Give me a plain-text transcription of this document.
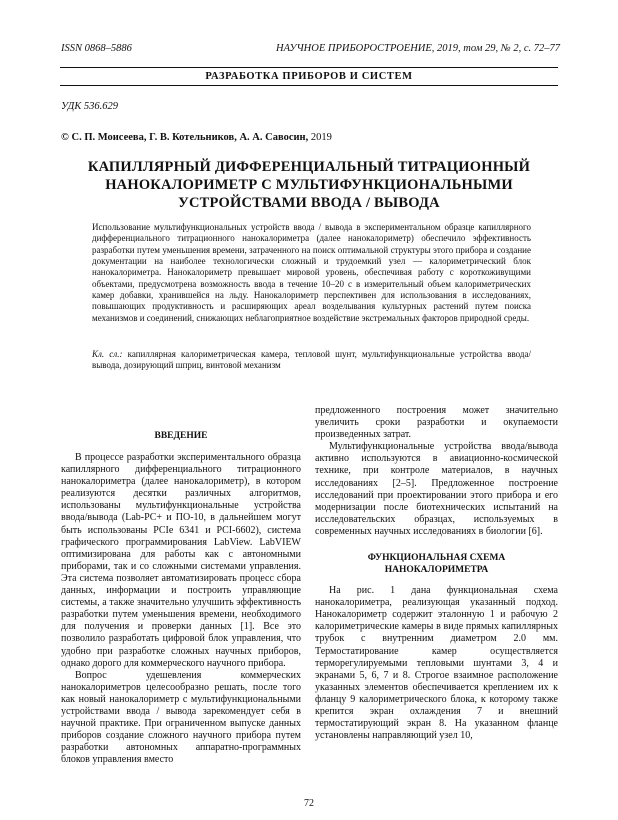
ISSN 0868–5886	НАУЧНОЕ ПРИБОРОСТРОЕНИЕ, 2019, том 29, № 2, c. 72–77
РАЗРАБОТКА ПРИБОРОВ И СИСТЕМ
УДК 536.629
© С. П. Моисеева, Г. В. Котельников, А. А. Савосин, 2019
КАПИЛЛЯРНЫЙ ДИФФЕРЕНЦИАЛЬНЫЙ ТИТРАЦИОННЫЙ
НАНОКАЛОРИМЕТР С МУЛЬТИФУНКЦИОНАЛЬНЫМИ
УСТРОЙСТВАМИ ВВОДА / ВЫВОДА

Использование мультифункциональных устройств ввода / вывода в экспериментальном образце капиллярного дифференциального титрационного нанокалориметра (далее нанокалориметр) обеспечило эффективность разработки путем уменьшения времени, затраченного на поиск оптимальной структуры этого прибора и создание документации на наиболее технологически сложный и трудоемкий узел — калориметрический блок нанокалориметра. Нанокалориметр превышает мировой уровень, обеспечивая работу с короткоживущими объектами, предусмотрена возможность ввода в течение 10–20 с в измерительный объем калориметрических камер добавки, хранившейся на льду. Нанокалориметр перспективен для использования в исследованиях, повышающих продуктивность и расширяющих ареал возделывания культурных растений путем поиска механизмов и соединений, снижающих неблагоприятное воздействие экстремальных факторов природной среды.

Кл. сл.: капиллярная калориметрическая камера, тепловой шунт, мультифункциональные устройства ввода/вывода, дозирующий шприц, винтовой механизм

ВВЕДЕНИЕ

В процессе разработки экспериментального образца капиллярного дифференциального титрационного нанокалориметра (далее нанокалориметр), в котором реализуются десятки различных алгоритмов, использованы мультифункциональные устройства ввода/вывода (Lab-PC+ и ПО-10, в дальнейшем могут быть использованы PCIe 6341 и PCI-6602), система графического программирования LabView. LabVIEW оптимизирована для работы как с автономными приборами, так и со сложными системами управления. Эта система позволяет автоматизировать процесс сбора данных, информации и построить управляющие системы, а также значительно улучшить эффективность разработки путем уменьшения времени, необходимого для получения и проверки данных [1]. Все это позволило разработать цифровой блок управления, что удобно при разработке сложных научных приборов, однако дорого для коммерческого научного прибора.

Вопрос удешевления коммерческих нанокалориметров целесообразно решать, после того как новый нанокалориметр с мультифункциональными устройствами ввода / вывода зарекомендует себя в научной практике. При ограниченном выпуске данных приборов создание сложного научного прибора путем разработки автономных аппаратно-программных блоков управления вместо

предложенного построения может значительно увеличить сроки разработки и окупаемости произведенных затрат.

Мультифункциональные устройства ввода/вывода активно используются в авиационно-космической технике, при контроле материалов, в научных исследованиях [2–5]. Предложенное построение исследований при проектировании этого прибора и его модернизации после биотехнических испытаний на исследовательских образцах, используемых в современных научных исследованиях в биологии [6].

ФУНКЦИОНАЛЬНАЯ СХЕМА
НАНОКАЛОРИМЕТРА

На рис. 1 дана функциональная схема нанокалориметра, реализующая указанный подход. Нанокалориметр содержит эталонную 1 и рабочую 2 калориметрические камеры в виде прямых капиллярных трубок с внутренним диаметром 2.0 мм. Термостатирование камер осуществляется терморегулируемыми тепловыми шунтами 3, 4 и экранами 5, 6, 7 и 8. Строгое взаимное расположение указанных элементов обеспечивается креплением их к фланцу 9 калориметрического блока, к которому также крепится экран охлаждения 7 и внешний термостатирующий экран 8. На указанном фланце установлены направляющий узел 10,

72
